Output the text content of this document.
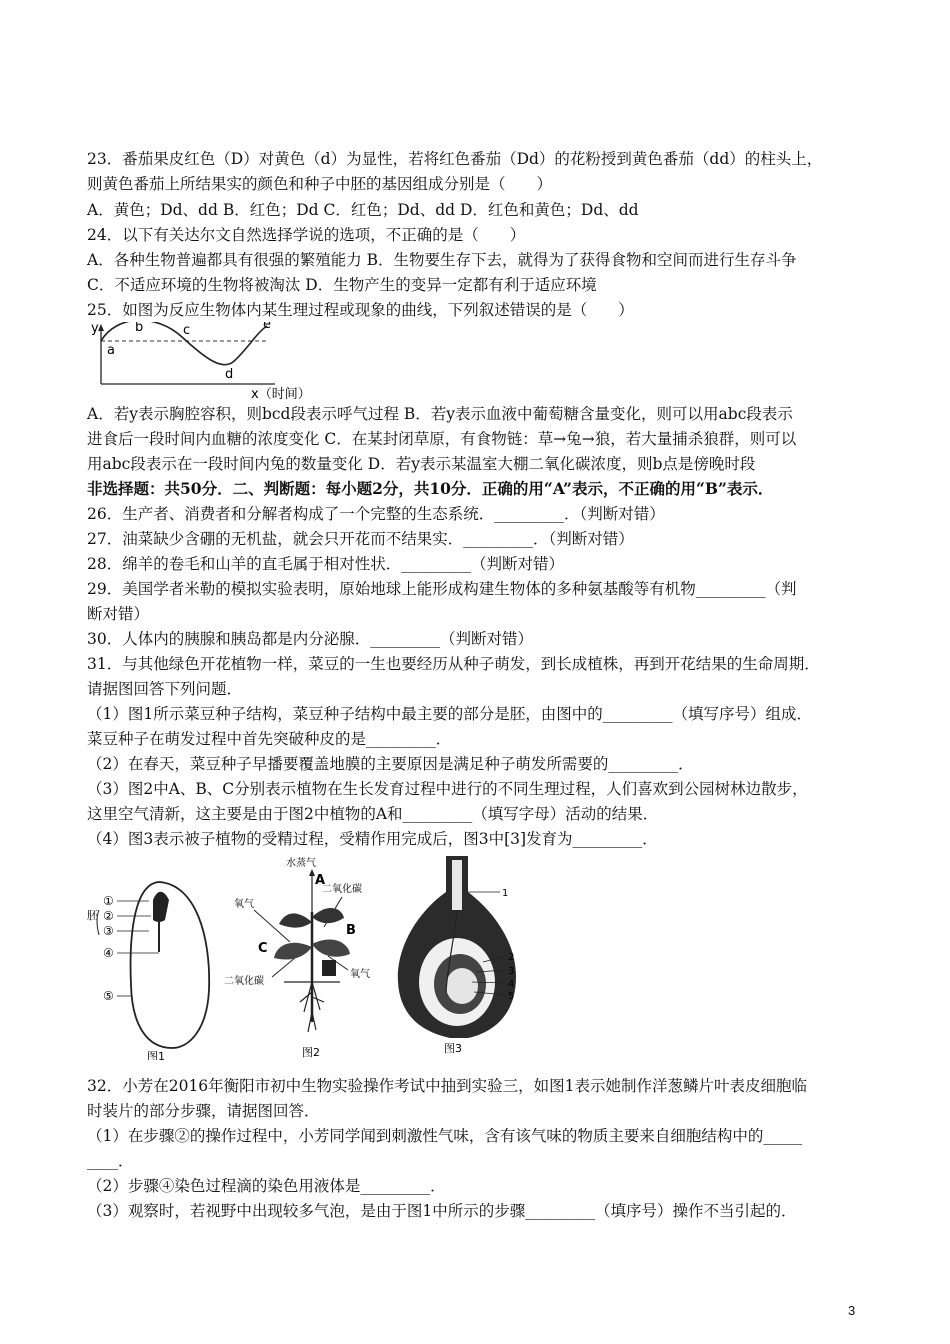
23．番茄果皮红色（D）对黄色（d）为显性，若将红色番茄（Dd）的花粉授到黄色番茄（dd）的柱头上，
则黄色番茄上所结果实的颜色和种子中胚的基因组成分别是（　　）
A．黄色；Dd、dd B．红色；Dd C．红色；Dd、dd D．红色和黄色；Dd、dd
24．以下有关达尔文自然选择学说的选项，不正确的是（　　）
A．各种生物普遍都具有很强的繁殖能力 B．生物要生存下去，就得为了获得食物和空间而进行生存斗争
C．不适应环境的生物将被淘汰 D．生物产生的变异一定都有利于适应环境
25．如图为反应生物体内某生理过程或现象的曲线，下列叙述错误的是（　　）
y
x（时间）
a
b	c
d
e
A．若y表示胸腔容积，则bcd段表示呼气过程 B．若y表示血液中葡萄糖含量变化，则可以用abc段表示
进食后一段时间内血糖的浓度变化 C．在某封闭草原，有食物链：草→兔→狼，若大量捕杀狼群，则可以
用abc段表示在一段时间内兔的数量变化 D．若y表示某温室大棚二氧化碳浓度，则b点是傍晚时段
非选择题：共50分．二、判断题：每小题2分，共10分．正确的用“A”表示，不正确的用“B”表示．
26．生产者、消费者和分解者构成了一个完整的生态系统．_________．（判断对错）
27．油菜缺少含硼的无机盐，就会只开花而不结果实．_________．（判断对错）
28．绵羊的卷毛和山羊的直毛属于相对性状．_________（判断对错）
29．美国学者米勒的模拟实验表明，原始地球上能形成构建生物体的多种氨基酸等有机物_________（判
断对错）
30．人体内的胰腺和胰岛都是内分泌腺．_________（判断对错）
31．与其他绿色开花植物一样，菜豆的一生也要经历从种子萌发，到长成植株，再到开花结果的生命周期．
请据图回答下列问题．
（1）图1所示菜豆种子结构，菜豆种子结构中最主要的部分是胚，由图中的_________（填写序号）组成．
菜豆种子在萌发过程中首先突破种皮的是_________．
（2）在春天，菜豆种子早播要覆盖地膜的主要原因是满足种子萌发所需要的_________．
（3）图2中A、B、C分别表示植物在生长发育过程中进行的不同生理过程，人们喜欢到公园树林边散步，
这里空气清新，这主要是由于图2中植物的A和_________（填写字母）活动的结果．
（4）图3表示被子植物的受精过程，受精作用完成后，图3中[3]发育为_________．
胚
①
②
③
④
⑤
图1
水蒸气
二氧化碳
氧气
二氧化碳
氧气
A
B
C
图2
1
2
3
4
5
图3
32．小芳在2016年衡阳市初中生物实验操作考试中抽到实验三，如图1表示她制作洋葱鳞片叶表皮细胞临
时装片的部分步骤，请据图回答．
（1）在步骤②的操作过程中，小芳同学闻到刺激性气味，含有该气味的物质主要来自细胞结构中的_____
____．
（2）步骤④染色过程滴的染色用液体是_________．
（3）观察时，若视野中出现较多气泡，是由于图1中所示的步骤_________（填序号）操作不当引起的．
3
